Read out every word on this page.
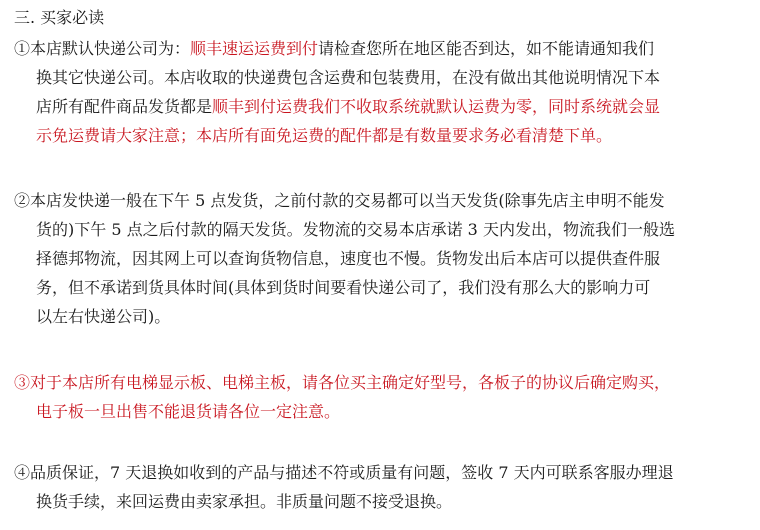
三. 买家必读
①本店默认快递公司为：顺丰速运运费到付请检查您所在地区能否到达，如不能请通知我们
换其它快递公司。本店收取的快递费包含运费和包装费用，在没有做出其他说明情况下本
店所有配件商品发货都是顺丰到付运费我们不收取系统就默认运费为零，同时系统就会显
示免运费请大家注意；本店所有面免运费的配件都是有数量要求务必看清楚下单。
②本店发快递一般在下午 5 点发货，之前付款的交易都可以当天发货(除事先店主申明不能发
货的)下午 5 点之后付款的隔天发货。发物流的交易本店承诺 3 天内发出，物流我们一般选
择德邦物流，因其网上可以查询货物信息，速度也不慢。货物发出后本店可以提供查件服
务，但不承诺到货具体时间(具体到货时间要看快递公司了，我们没有那么大的影响力可
以左右快递公司)。
③对于本店所有电梯显示板、电梯主板，请各位买主确定好型号，各板子的协议后确定购买，
电子板一旦出售不能退货请各位一定注意。
④品质保证，7 天退换如收到的产品与描述不符或质量有问题，签收 7 天内可联系客服办理退
换货手续，来回运费由卖家承担。非质量问题不接受退换。
